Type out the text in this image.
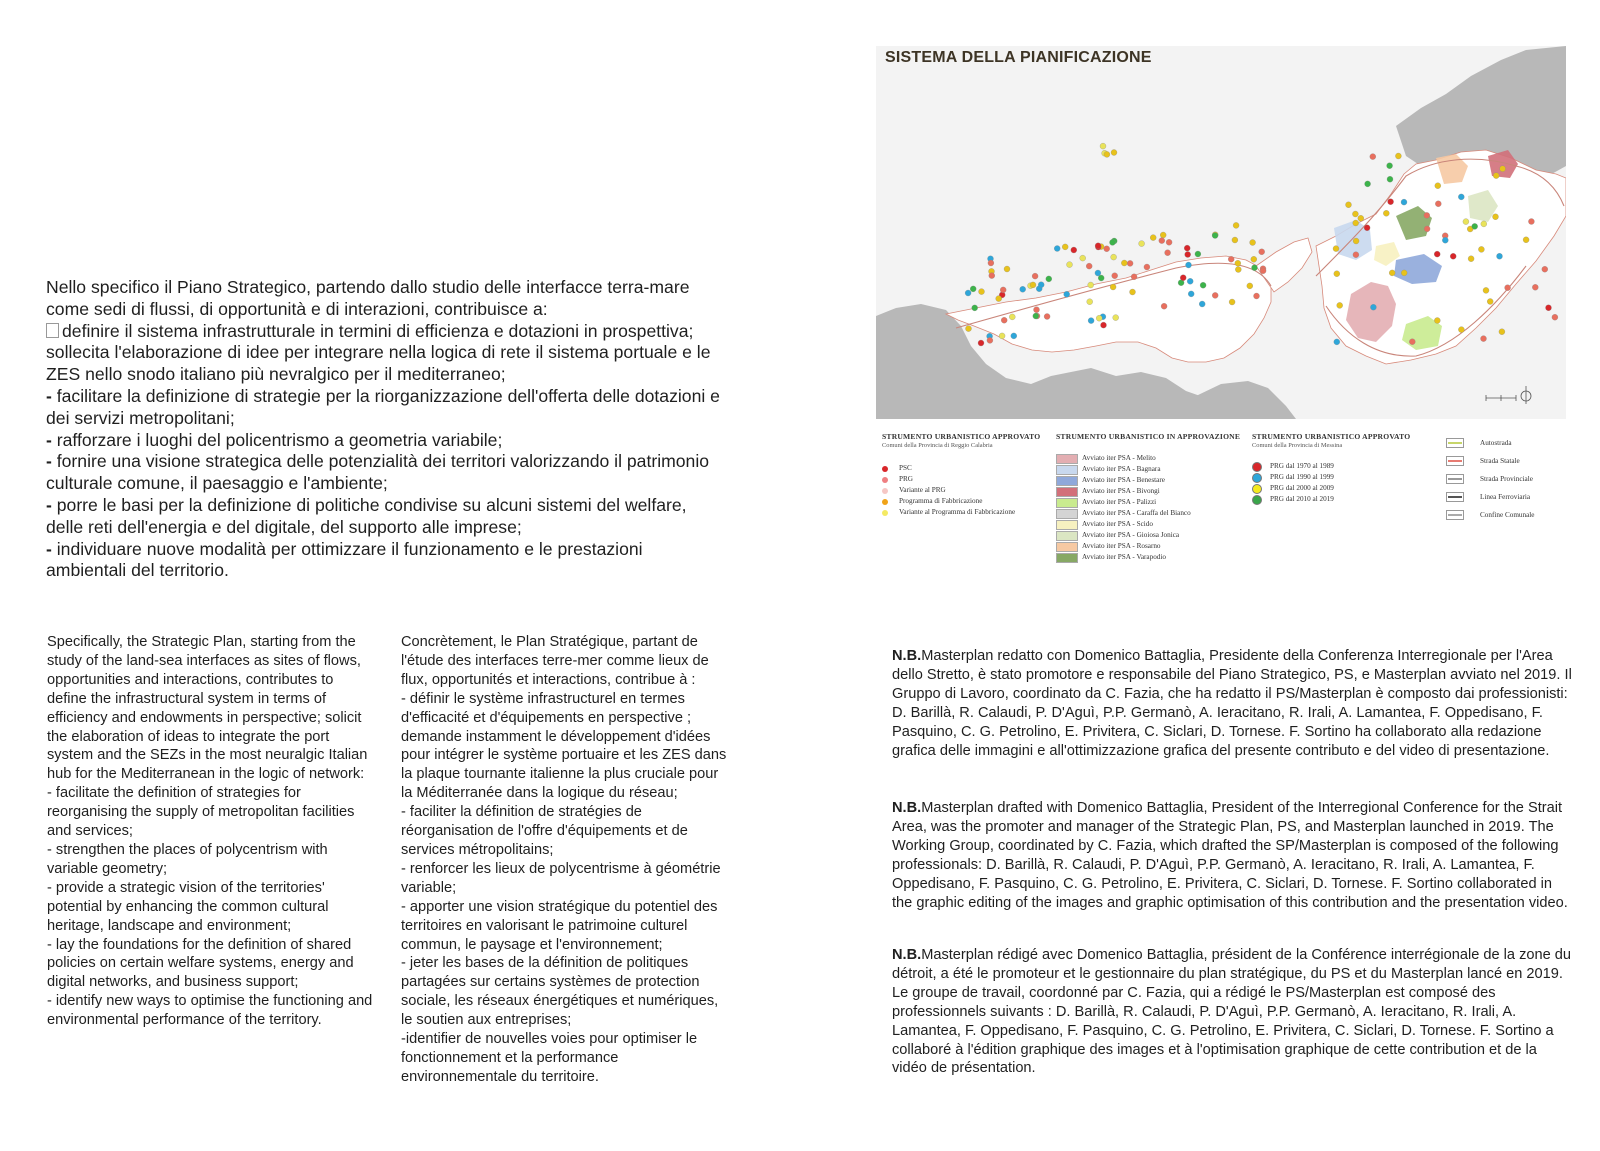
Nello specifico il Piano Strategico, partendo dallo studio delle interfacce terra-mare come sedi di flussi, di opportunità e di interazioni, contribuisce a:

definire il sistema infrastrutturale in termini di efficienza e dotazioni in prospettiva; sollecita l'elaborazione di idee per integrare nella logica di rete il sistema portuale e le ZES nello snodo italiano più nevralgico per il mediterraneo;

- facilitare la definizione di strategie per la riorganizzazione dell'offerta delle dotazioni e dei servizi metropolitani;

- rafforzare i luoghi del policentrismo a geometria variabile;

- fornire una visione strategica delle potenzialità dei territori valorizzando il patrimonio culturale comune, il paesaggio e l'ambiente;

- porre le basi per la definizione di politiche condivise su alcuni sistemi del welfare, delle reti dell'energia e del digitale, del supporto alle imprese;

- individuare nuove modalità per ottimizzare il funzionamento e le prestazioni ambientali del territorio.

Specifically, the Strategic Plan, starting from the study of the land-sea interfaces as sites of flows, opportunities and interactions, contributes to define the infrastructural system in terms of efficiency and endowments in perspective; solicit the elaboration of ideas to integrate the port system and the SEZs in the most neuralgic Italian hub for the Mediterranean in the logic of network:

- facilitate the definition of strategies for reorganising the supply of metropolitan facilities and services;

- strengthen the places of polycentrism with variable geometry;

- provide a strategic vision of the territories' potential by enhancing the common cultural heritage, landscape and environment;

- lay the foundations for the definition of shared policies on certain welfare systems, energy and digital networks, and business support;

- identify new ways to optimise the functioning and environmental performance of the territory.

Concrètement, le Plan Stratégique, partant de l'étude des interfaces terre-mer comme lieux de flux, opportunités et interactions, contribue à :

- définir le système infrastructurel en termes d'efficacité et d'équipements en perspective ; demande instamment le développement d'idées pour intégrer le système portuaire et les ZES dans la plaque tournante italienne la plus cruciale pour la Méditerranée dans la logique du réseau;

- faciliter la définition de stratégies de réorganisation de l'offre d'équipements et de services métropolitains;

- renforcer les lieux de polycentrisme à géométrie variable;

- apporter une vision stratégique du potentiel des territoires en valorisant le patrimoine culturel commun, le paysage et l'environnement;

- jeter les bases de la définition de politiques partagées sur certains systèmes de protection sociale, les réseaux énergétiques et numériques, le soutien aux entreprises;

-identifier de nouvelles voies pour optimiser le fonctionnement et la performance environnementale du territoire.

SISTEMA DELLA PIANIFICAZIONE
STRUMENTO URBANISTICO APPROVATO
Comuni della Provincia di Reggio Calabria
PSC
PRG
Variante al PRG
Programma di Fabbricazione
Variante al Programma di Fabbricazione
STRUMENTO URBANISTICO IN APPROVAZIONE
Avviato iter PSA - Melito
Avviato iter PSA - Bagnara
Avviato iter PSA - Benestare
Avviato iter PSA - Bivongi
Avviato iter PSA - Palizzi
Avviato iter PSA - Caraffa del Bianco
Avviato iter PSA - Scido
Avviato iter PSA - Gioiosa Jonica
Avviato iter PSA - Rosarno
Avviato iter PSA - Varapodio
STRUMENTO URBANISTICO APPROVATO
Comuni della Provincia di Messina
PRG dal 1970 al 1989
PRG dal 1990 al 1999
PRG dal 2000 al 2009
PRG dal 2010 al 2019
Autostrada
Strada Statale
Strada Provinciale
Linea Ferroviaria
Confine Comunale

N.B.Masterplan redatto con Domenico Battaglia, Presidente della Conferenza Interregionale per l'Area dello Stretto, è stato promotore e responsabile del Piano Strategico, PS, e Masterplan avviato nel 2019. Il Gruppo di Lavoro, coordinato da C. Fazia, che ha redatto il PS/Masterplan è composto dai professionisti: D. Barillà, R. Calaudi, P. D'Aguì, P.P. Germanò, A. Ieracitano, R. Irali, A. Lamantea, F. Oppedisano, F. Pasquino, C. G. Petrolino, E. Privitera, C. Siclari, D. Tornese. F. Sortino ha collaborato alla redazione grafica delle immagini e all'ottimizzazione grafica del presente contributo e del video di presentazione.

N.B.Masterplan drafted with Domenico Battaglia, President of the Interregional Conference for the Strait Area, was the promoter and manager of the Strategic Plan, PS, and Masterplan launched in 2019. The Working Group, coordinated by C. Fazia, which drafted the SP/Masterplan is composed of the following professionals: D. Barillà, R. Calaudi, P. D'Aguì, P.P. Germanò, A. Ieracitano, R. Irali, A. Lamantea, F. Oppedisano, F. Pasquino, C. G. Petrolino, E. Privitera, C. Siclari, D. Tornese. F. Sortino collaborated in the graphic editing of the images and graphic optimisation of this contribution and the presentation video.

N.B.Masterplan rédigé avec Domenico Battaglia, président de la Conférence interrégionale de la zone du détroit, a été le promoteur et le gestionnaire du plan stratégique, du PS et du Masterplan lancé en 2019. Le groupe de travail, coordonné par C. Fazia, qui a rédigé le PS/Masterplan est composé des professionnels suivants : D. Barillà, R. Calaudi, P. D'Aguì, P.P. Germanò, A. Ieracitano, R. Irali, A. Lamantea, F. Oppedisano, F. Pasquino, C. G. Petrolino, E. Privitera, C. Siclari, D. Tornese. F. Sortino a collaboré à l'édition graphique des images et à l'optimisation graphique de cette contribution et de la vidéo de présentation.
